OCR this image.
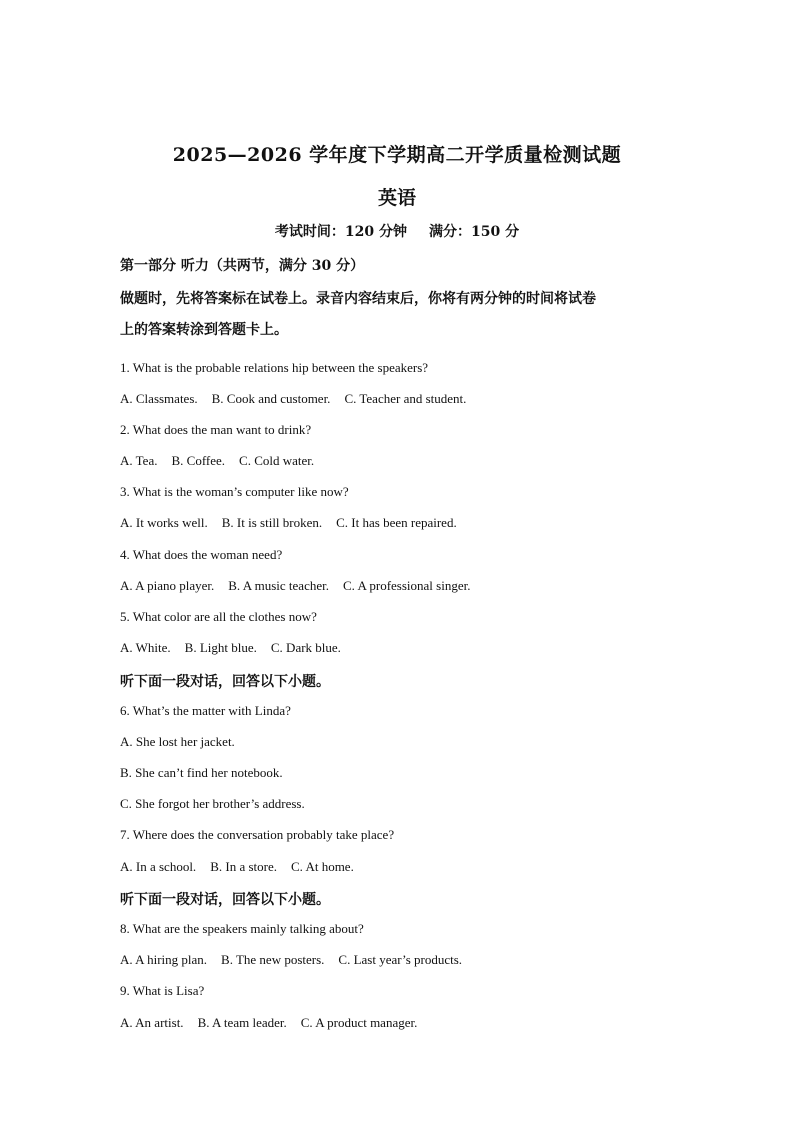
2025—2026 学年度下学期高二开学质量检测试题
英语
考试时间：120 分钟 满分：150 分
第一部分 听力（共两节，满分 30 分）
做题时，先将答案标在试卷上。录音内容结束后，你将有两分钟的时间将试卷
上的答案转涂到答题卡上。
1. What is the probable relations hip between the speakers?
A. Classmates. B. Cook and customer. C. Teacher and student.
2. What does the man want to drink?
A. Tea. B. Coffee. C. Cold water.
3. What is the woman’s computer like now?
A. It works well. B. It is still broken. C. It has been repaired.
4. What does the woman need?
A. A piano player. B. A music teacher. C. A professional singer.
5. What color are all the clothes now?
A. White. B. Light blue. C. Dark blue.
听下面一段对话，回答以下小题。
6. What’s the matter with Linda?
A. She lost her jacket.
B. She can’t find her notebook.
C. She forgot her brother’s address.
7. Where does the conversation probably take place?
A. In a school. B. In a store. C. At home.
听下面一段对话，回答以下小题。
8. What are the speakers mainly talking about?
A. A hiring plan. B. The new posters. C. Last year’s products.
9. What is Lisa?
A. An artist. B. A team leader. C. A product manager.
